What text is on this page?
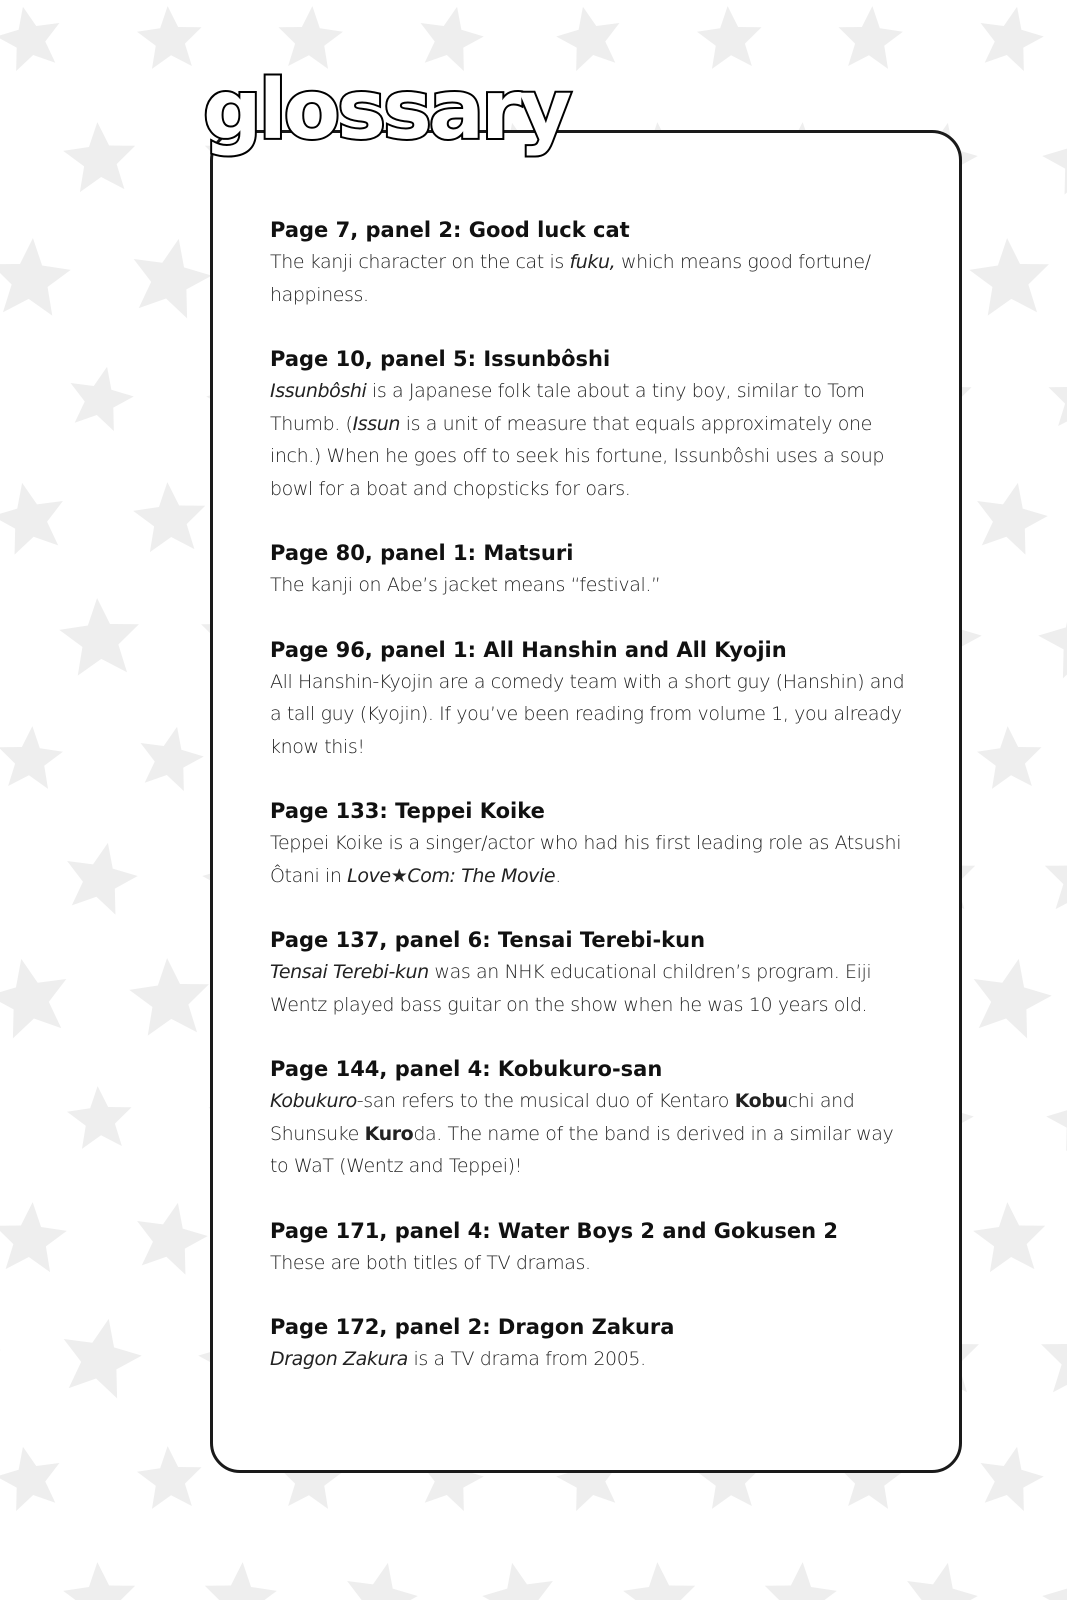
glossary
Page 7, panel 2: Good luck cat
The kanji character on the cat is fuku, which means good fortune/ happiness.
Page 10, panel 5: Issunbôshi
Issunbôshi is a Japanese folk tale about a tiny boy, similar to Tom Thumb. (Issun is a unit of measure that equals approximately one inch.) When he goes off to seek his fortune, Issunbôshi uses a soup bowl for a boat and chopsticks for oars.
Page 80, panel 1: Matsuri
The kanji on Abe’s jacket means “festival.”
Page 96, panel 1: All Hanshin and All Kyojin
All Hanshin-Kyojin are a comedy team with a short guy (Hanshin) and a tall guy (Kyojin). If you’ve been reading from volume 1, you already know this!
Page 133: Teppei Koike
Teppei Koike is a singer/actor who had his first leading role as Atsushi Ôtani in Love★Com: The Movie.
Page 137, panel 6: Tensai Terebi-kun
Tensai Terebi-kun was an NHK educational children’s program. Eiji Wentz played bass guitar on the show when he was 10 years old.
Page 144, panel 4: Kobukuro-san
Kobukuro-san refers to the musical duo of Kentaro Kobuchi and Shunsuke Kuroda. The name of the band is derived in a similar way to WaT (Wentz and Teppei)!
Page 171, panel 4: Water Boys 2 and Gokusen 2
These are both titles of TV dramas.
Page 172, panel 2: Dragon Zakura
Dragon Zakura is a TV drama from 2005.
